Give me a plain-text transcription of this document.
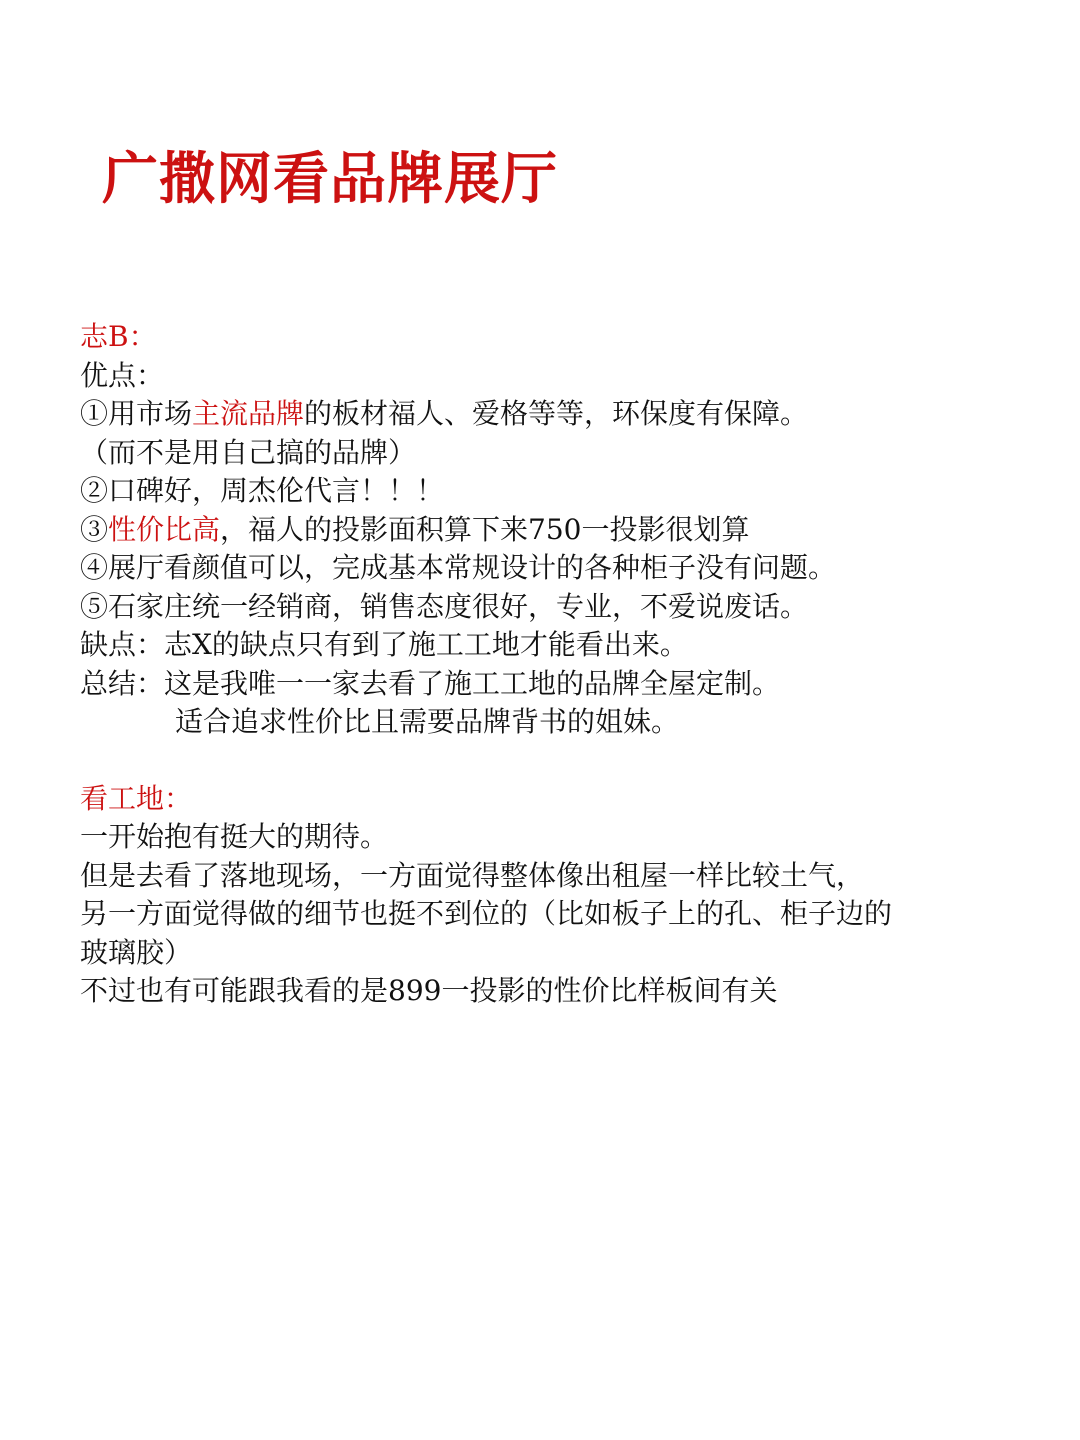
广撒网看品牌展厅
志B：
优点：
①用市场主流品牌的板材福人、爱格等等，环保度有保障。
（而不是用自己搞的品牌）
②口碑好，周杰伦代言！！！
③性价比高，福人的投影面积算下来750一投影很划算
④展厅看颜值可以，完成基本常规设计的各种柜子没有问题。
⑤石家庄统一经销商，销售态度很好，专业，不爱说废话。
缺点：志X的缺点只有到了施工工地才能看出来。
总结：这是我唯一一家去看了施工工地的品牌全屋定制。
适合追求性价比且需要品牌背书的姐妹。
看工地：
一开始抱有挺大的期待。
但是去看了落地现场，一方面觉得整体像出租屋一样比较土气，
另一方面觉得做的细节也挺不到位的（比如板子上的孔、柜子边的
玻璃胶）
不过也有可能跟我看的是899一投影的性价比样板间有关
